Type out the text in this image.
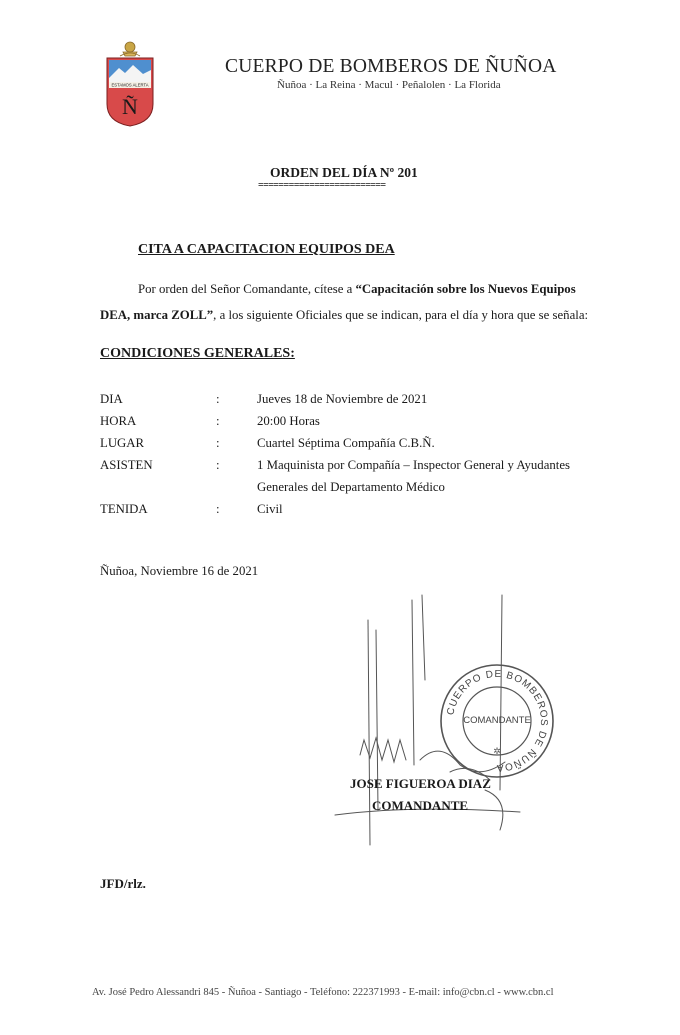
ESTAMOS ALERTA
Ñ
CUERPO DE BOMBEROS DE ÑUÑOA
Ñuñoa · La Reina · Macul · Peñalolen · La Florida
ORDEN DEL DÍA Nº 201
=========================
CITA A CAPACITACION EQUIPOS DEA
Por orden del Señor Comandante, cítese a “Capacitación sobre los Nuevos Equipos
DEA, marca ZOLL”, a los siguiente Oficiales que se indican, para el día y hora que se señala:
CONDICIONES GENERALES:
DIA	:	Jueves 18 de Noviembre de 2021
HORA	:	20:00 Horas
LUGAR	:	Cuartel Séptima Compañía C.B.Ñ.
ASISTEN	:	1 Maquinista por Compañía – Inspector General y Ayudantes
Generales del Departamento Médico
TENIDA	:	Civil
Ñuñoa, Noviembre 16 de 2021
CUERPO DE BOMBEROS DE ÑUÑOA
COMANDANTE
✲
JOSE FIGUEROA DIAZ
COMANDANTE
JFD/rlz.
Av. José Pedro Alessandri 845 - Ñuñoa - Santiago - Teléfono: 222371993 - E-mail: info@cbn.cl - www.cbn.cl
